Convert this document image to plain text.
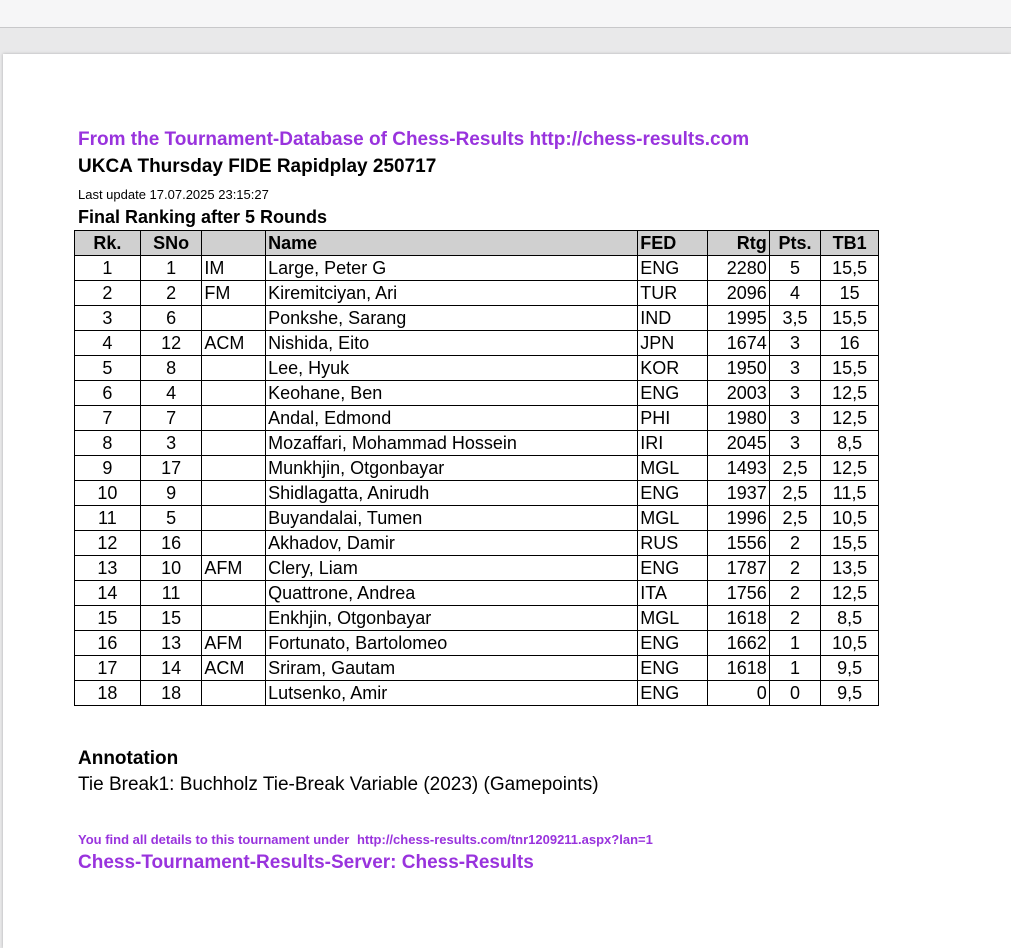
From the Tournament-Database of Chess-Results http://chess-results.com
UKCA Thursday FIDE Rapidplay 250717
Last update 17.07.2025 23:15:27
Final Ranking after 5 Rounds
Rk.	SNo		Name	FED	Rtg	Pts.	TB1
1	1	IM	Large, Peter G	ENG	2280	5	15,5
2	2	FM	Kiremitciyan, Ari	TUR	2096	4	15
3	6		Ponkshe, Sarang	IND	1995	3,5	15,5
4	12	ACM	Nishida, Eito	JPN	1674	3	16
5	8		Lee, Hyuk	KOR	1950	3	15,5
6	4		Keohane, Ben	ENG	2003	3	12,5
7	7		Andal, Edmond	PHI	1980	3	12,5
8	3		Mozaffari, Mohammad Hossein	IRI	2045	3	8,5
9	17		Munkhjin, Otgonbayar	MGL	1493	2,5	12,5
10	9		Shidlagatta, Anirudh	ENG	1937	2,5	11,5
11	5		Buyandalai, Tumen	MGL	1996	2,5	10,5
12	16		Akhadov, Damir	RUS	1556	2	15,5
13	10	AFM	Clery, Liam	ENG	1787	2	13,5
14	11		Quattrone, Andrea	ITA	1756	2	12,5
15	15		Enkhjin, Otgonbayar	MGL	1618	2	8,5
16	13	AFM	Fortunato, Bartolomeo	ENG	1662	1	10,5
17	14	ACM	Sriram, Gautam	ENG	1618	1	9,5
18	18		Lutsenko, Amir	ENG	0	0	9,5
Annotation
Tie Break1: Buchholz Tie-Break Variable (2023) (Gamepoints)
You find all details to this tournament under http://chess-results.com/tnr1209211.aspx?lan=1
Chess-Tournament-Results-Server: Chess-Results
